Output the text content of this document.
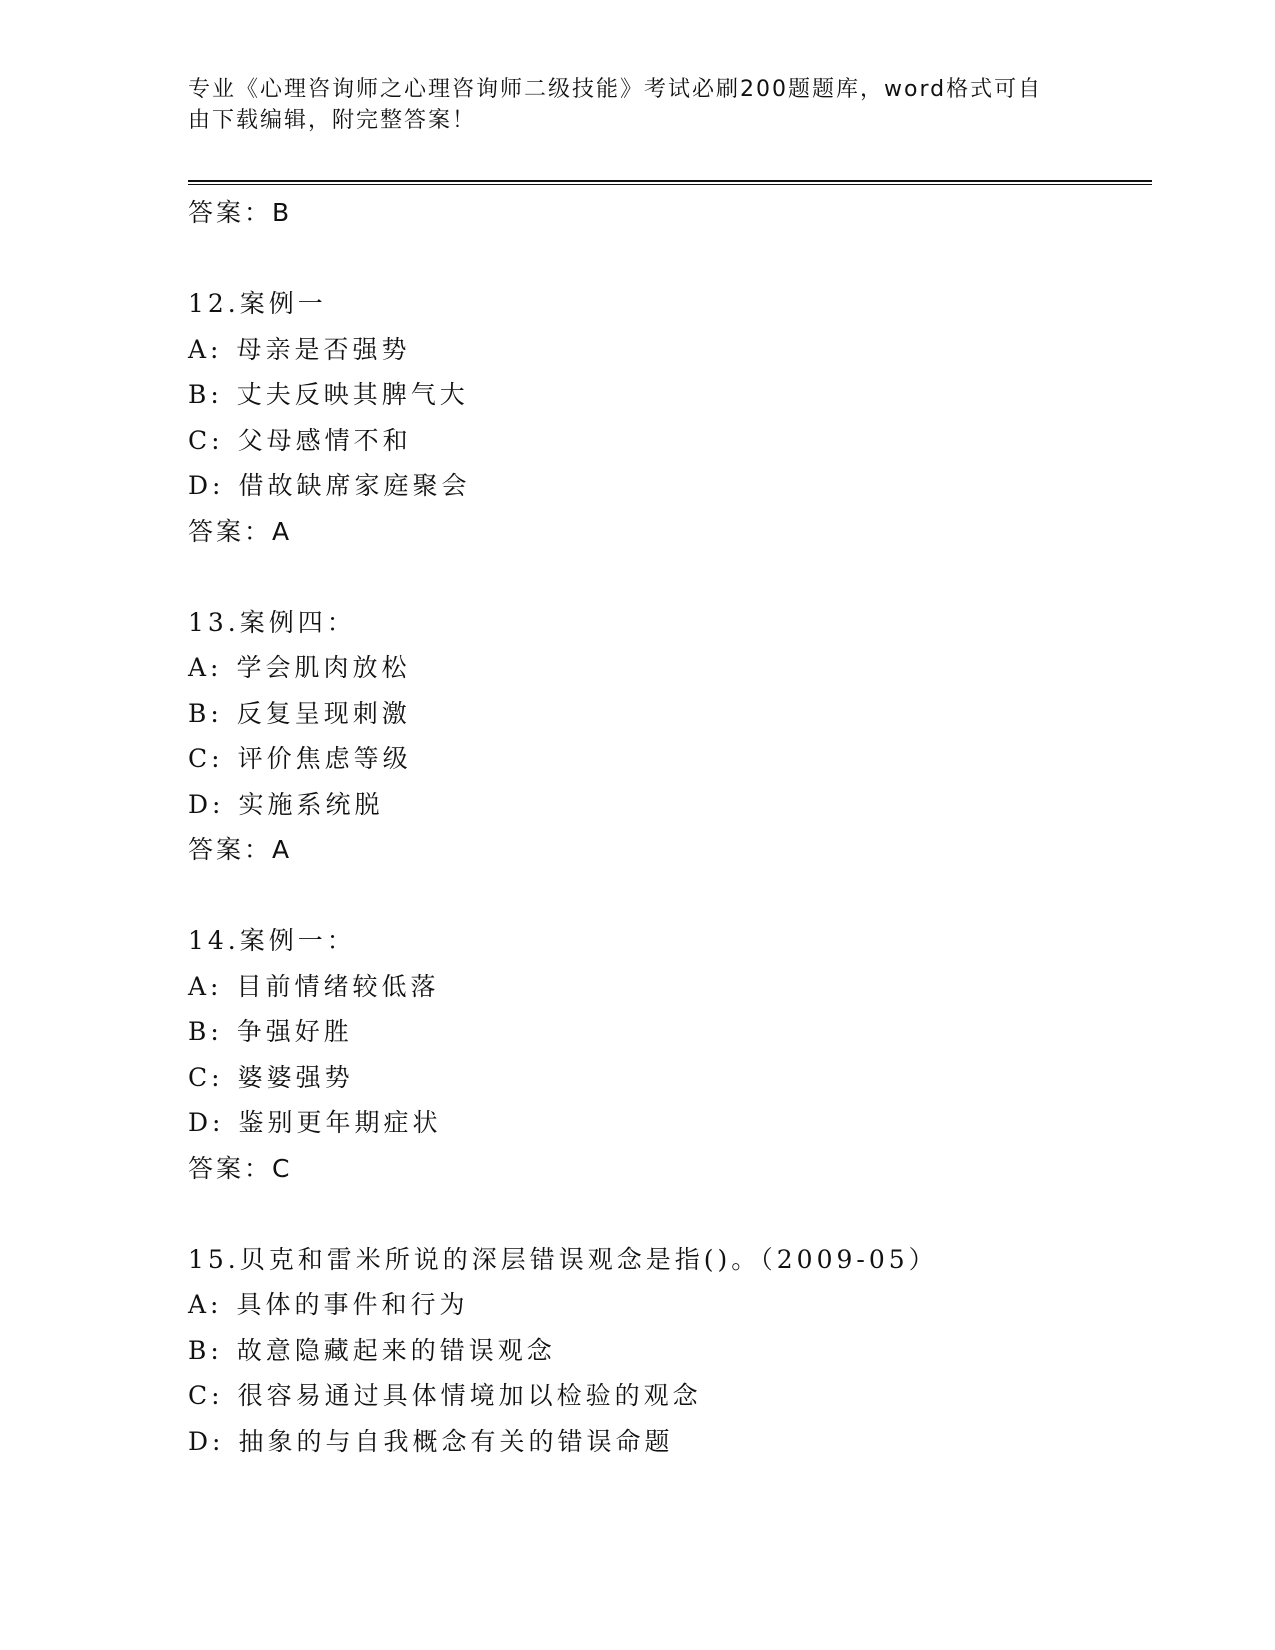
专业《心理咨询师之心理咨询师二级技能》考试必刷200题题库，word格式可自
由下载编辑，附完整答案！
答案：B
12.案例一
A: 母亲是否强势
B: 丈夫反映其脾气大
C: 父母感情不和
D: 借故缺席家庭聚会
答案：A
13.案例四：
A: 学会肌肉放松
B: 反复呈现刺激
C: 评价焦虑等级
D: 实施系统脱
答案：A
14.案例一：
A: 目前情绪较低落
B: 争强好胜
C: 婆婆强势
D: 鉴别更年期症状
答案：C
15.贝克和雷米所说的深层错误观念是指()。（2009-05）
A: 具体的事件和行为
B: 故意隐藏起来的错误观念
C: 很容易通过具体情境加以检验的观念
D: 抽象的与自我概念有关的错误命题
